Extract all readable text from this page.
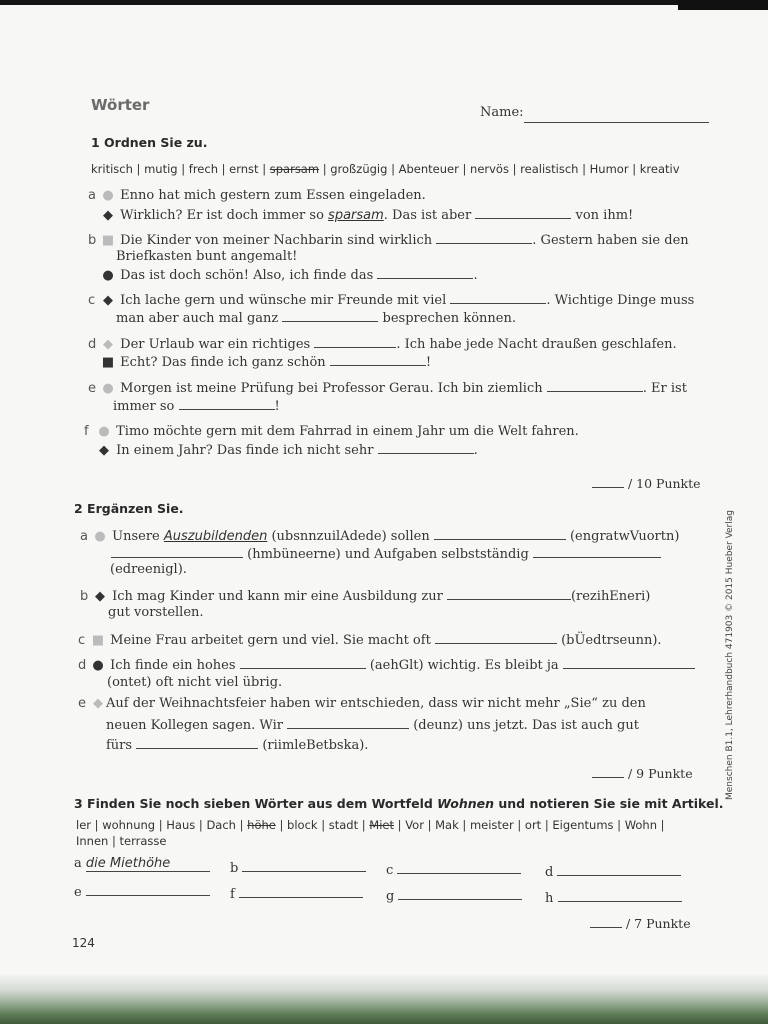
Wörter	Name:
1 Ordnen Sie zu.
kritisch | mutig | frech | ernst | sparsam | großzügig | Abenteuer | nervös | realistisch | Humor | kreativ
a ● Enno hat mich gestern zum Essen eingeladen.
◆ Wirklich? Er ist doch immer so sparsam. Das ist aber	von ihm!
b ■ Die Kinder von meiner Nachbarin sind wirklich	. Gestern haben sie den
Briefkasten bunt angemalt!
● Das ist doch schön! Also, ich finde das	.
c ◆ Ich lache gern und wünsche mir Freunde mit viel	. Wichtige Dinge muss
man aber auch mal ganz	besprechen können.
d ◆ Der Urlaub war ein richtiges	. Ich habe jede Nacht draußen geschlafen.
■ Echt? Das finde ich ganz schön	!
e ● Morgen ist meine Prüfung bei Professor Gerau. Ich bin ziemlich	. Er ist
immer so	!
f ● Timo möchte gern mit dem Fahrrad in einem Jahr um die Welt fahren.
◆ In einem Jahr? Das finde ich nicht sehr	.
/ 10 Punkte
2 Ergänzen Sie.
a ● Unsere Auszubildenden (ubsnnzuilAdede) sollen	(engratwVuortn)
(hmbüneerne) und Aufgaben selbstständig
(edreenigl).
b ◆ Ich mag Kinder und kann mir eine Ausbildung zur	(rezihEneri)
gut vorstellen.
c ■ Meine Frau arbeitet gern und viel. Sie macht oft	(bÜedtrseunn).
d ● Ich finde ein hohes	(aehGlt) wichtig. Es bleibt ja
(ontet) oft nicht viel übrig.
e ◆ Auf der Weihnachtsfeier haben wir entschieden, dass wir nicht mehr „Sie“ zu den
neuen Kollegen sagen. Wir	(deunz) uns jetzt. Das ist auch gut
fürs	(riimleBetbska).
/ 9 Punkte
3 Finden Sie noch sieben Wörter aus dem Wortfeld Wohnen und notieren Sie sie mit Artikel.
ler | wohnung | Haus | Dach | höhe | block | stadt | Miet | Vor | Mak | meister | ort | Eigentums | Wohn |
Innen | terrasse
a die Miethöhe	b	c	d
e	f	g	h
/ 7 Punkte
124
Menschen B1.1, Lehrerhandbuch 471903 © 2015 Hueber Verlag
